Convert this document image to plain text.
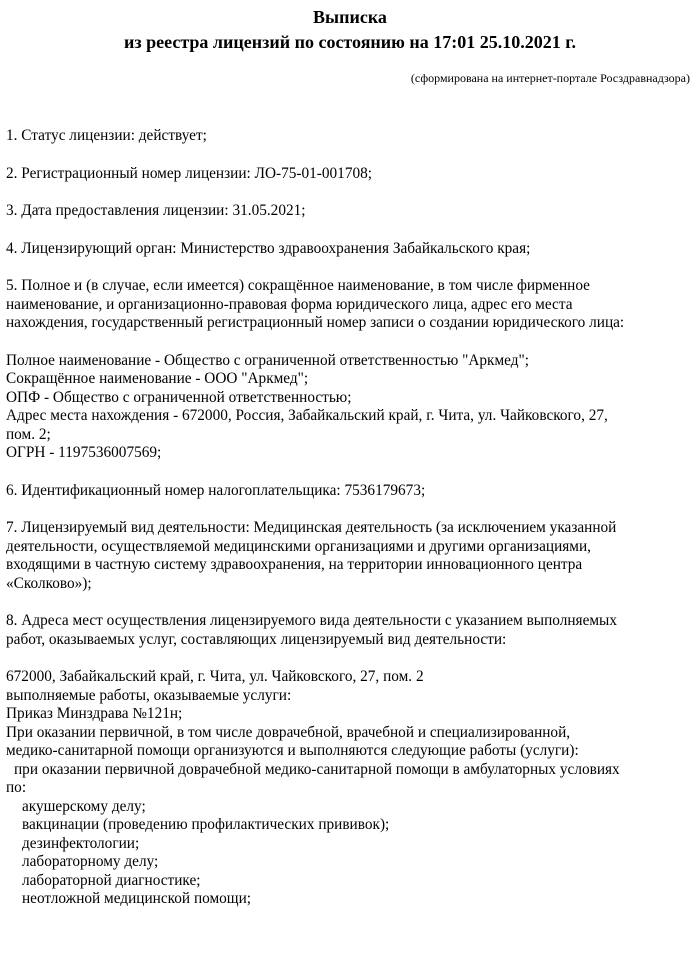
Выписка
из реестра лицензий по состоянию на 17:01 25.10.2021 г.
(сформирована на интернет-портале Росздравнадзора)
1. Статус лицензии: действует;
2. Регистрационный номер лицензии: ЛО-75-01-001708;
3. Дата предоставления лицензии: 31.05.2021;
4. Лицензирующий орган: Министерство здравоохранения Забайкальского края;
5. Полное и (в случае, если имеется) сокращённое наименование, в том числе фирменное
наименование, и организационно-правовая форма юридического лица, адрес его места
нахождения, государственный регистрационный номер записи о создании юридического лица:
Полное наименование - Общество с ограниченной ответственностью "Аркмед";
Сокращённое наименование - ООО "Аркмед";
ОПФ - Общество с ограниченной ответственностью;
Адрес места нахождения - 672000, Россия, Забайкальский край, г. Чита, ул. Чайковского, 27,
пом. 2;
ОГРН - 1197536007569;
6. Идентификационный номер налогоплательщика: 7536179673;
7. Лицензируемый вид деятельности: Медицинская деятельность (за исключением указанной
деятельности, осуществляемой медицинскими организациями и другими организациями,
входящими в частную систему здравоохранения, на территории инновационного центра
«Сколково»);
8. Адреса мест осуществления лицензируемого вида деятельности с указанием выполняемых
работ, оказываемых услуг, составляющих лицензируемый вид деятельности:
672000, Забайкальский край, г. Чита, ул. Чайковского, 27, пом. 2
выполняемые работы, оказываемые услуги:
Приказ Минздрава №121н;
При оказании первичной, в том числе доврачебной, врачебной и специализированной,
медико-санитарной помощи организуются и выполняются следующие работы (услуги):
при оказании первичной доврачебной медико-санитарной помощи в амбулаторных условиях
по:
акушерскому делу;
вакцинации (проведению профилактических прививок);
дезинфектологии;
лабораторному делу;
лабораторной диагностике;
неотложной медицинской помощи;
